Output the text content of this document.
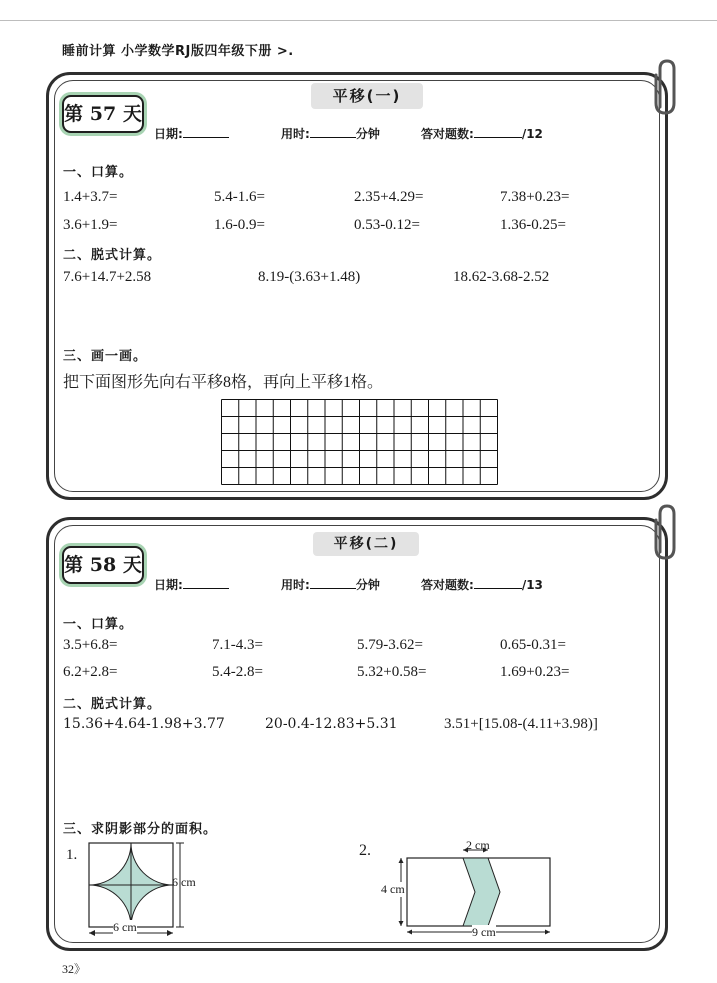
睡前计算 小学数学RJ版四年级下册 >.
平移(一)
第 57 天
日期:	用时:	分钟	答对题数:	/12
一、口算。
1.4+3.7=	5.4-1.6=	2.35+4.29=	7.38+0.23=
3.6+1.9=	1.6-0.9=	0.53-0.12=	1.36-0.25=
二、脱式计算。
7.6+14.7+2.58	8.19-(3.63+1.48)	18.62-3.68-2.52
三、画一画。
把下面图形先向右平移8格，再向上平移1格。
平移(二)
第 58 天
日期:	用时:	分钟	答对题数:	/13
一、口算。
3.5+6.8=	7.1-4.3=	5.79-3.62=	0.65-0.31=
6.2+2.8=	5.4-2.8=	5.32+0.58=	1.69+0.23=
二、脱式计算。
15.36+4.64-1.98+3.77	20-0.4-12.83+5.31	3.51+[15.08-(4.11+3.98)]
三、求阴影部分的面积。
1.
6 cm
6 cm
2.	2 cm
4 cm
9 cm
32》
